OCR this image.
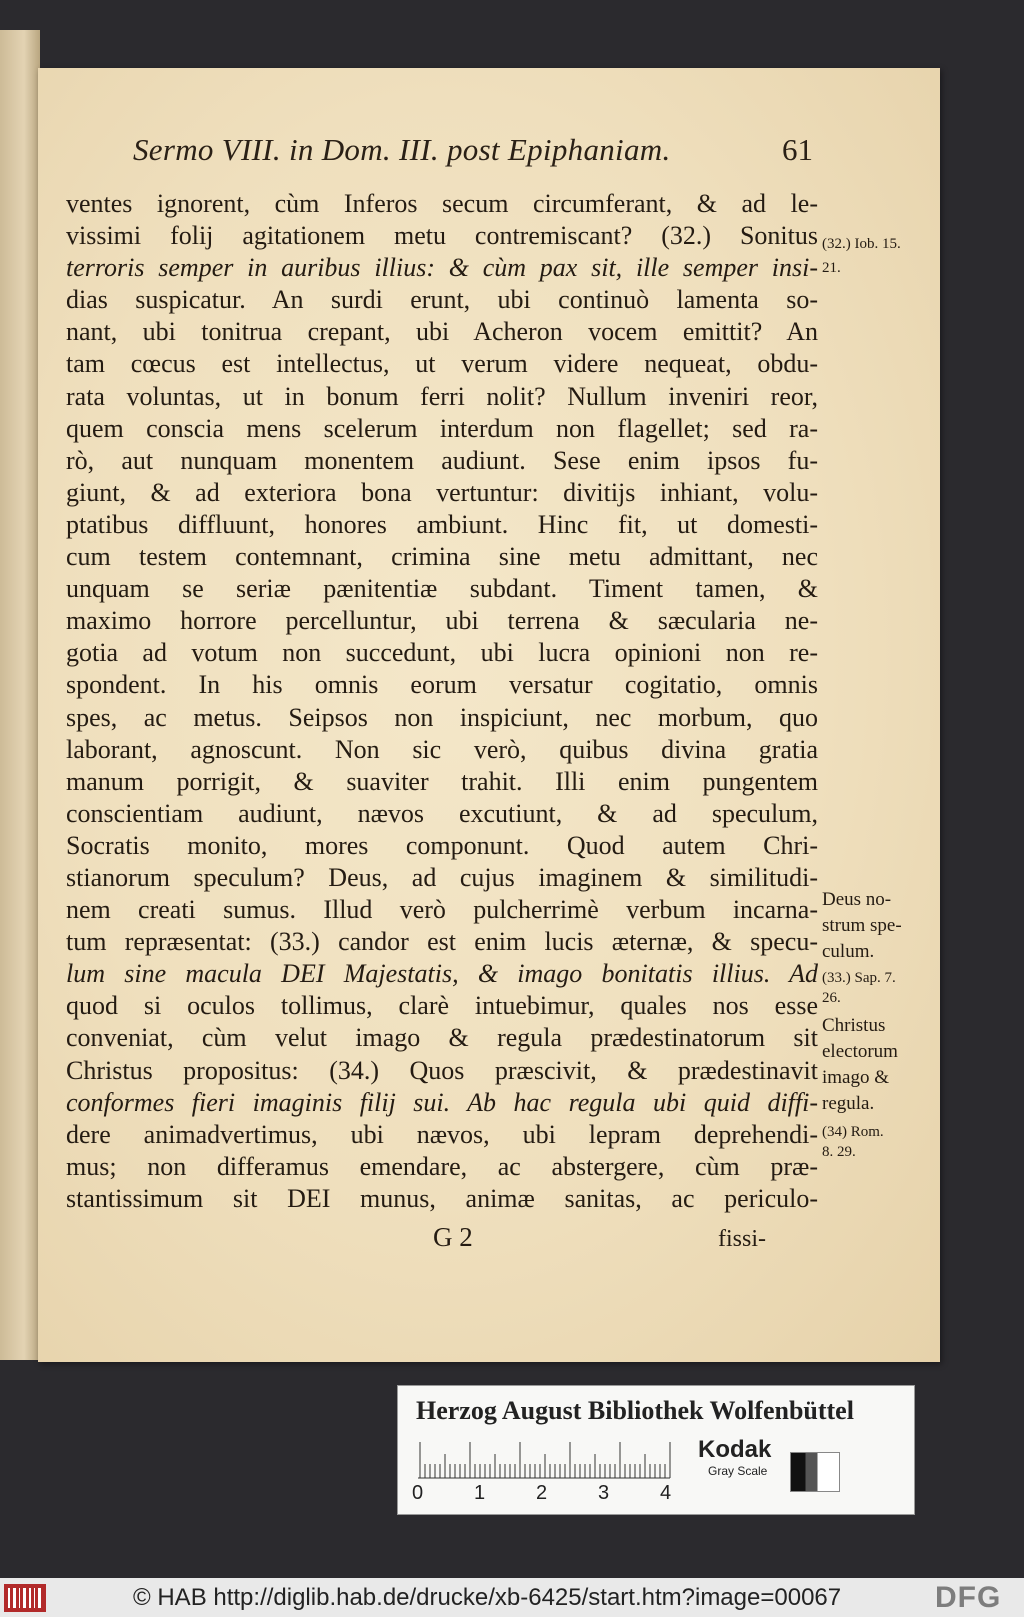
Sermo VIII. in Dom. III. post Epiphaniam.	61
ventes ignorent, cùm Inferos secum circumferant, & ad le-
vissimi folij agitationem metu contremiscant? (32.) Sonitus
terroris semper in auribus illius: & cùm pax sit, ille semper insi-
dias suspicatur. An surdi erunt, ubi continuò lamenta so-
nant, ubi tonitrua crepant, ubi Acheron vocem emittit? An
tam cœcus est intellectus, ut verum videre nequeat, obdu-
rata voluntas, ut in bonum ferri nolit? Nullum inveniri reor,
quem conscia mens scelerum interdum non flagellet; sed ra-
rò, aut nunquam monentem audiunt. Sese enim ipsos fu-
giunt, & ad exteriora bona vertuntur: divitijs inhiant, volu-
ptatibus diffluunt, honores ambiunt. Hinc fit, ut domesti-
cum testem contemnant, crimina sine metu admittant, nec
unquam se seriæ pænitentiæ subdant. Timent tamen, &
maximo horrore percelluntur, ubi terrena & sæcularia ne-
gotia ad votum non succedunt, ubi lucra opinioni non re-
spondent. In his omnis eorum versatur cogitatio, omnis
spes, ac metus. Seipsos non inspiciunt, nec morbum, quo
laborant, agnoscunt. Non sic verò, quibus divina gratia
manum porrigit, & suaviter trahit. Illi enim pungentem
conscientiam audiunt, nævos excutiunt, & ad speculum,
Socratis monito, mores componunt. Quod autem Chri-
stianorum speculum? Deus, ad cujus imaginem & similitudi-
nem creati sumus. Illud verò pulcherrimè verbum incarna-
tum repræsentat: (33.) candor est enim lucis æternæ, & specu-
lum sine macula DEI Majestatis, & imago bonitatis illius. Ad
quod si oculos tollimus, clarè intuebimur, quales nos esse
conveniat, cùm velut imago & regula prædestinatorum sit
Christus propositus: (34.) Quos præscivit, & prædestinavit
conformes fieri imaginis filij sui. Ab hac regula ubi quid diffi-
dere animadvertimus, ubi nævos, ubi lepram deprehendi-
mus; non differamus emendare, ac abstergere, cùm præ-
stantissimum sit DEI munus, animæ sanitas, ac periculo-
(32.) Iob. 15.
21.
Deus no-
strum spe-
culum.
(33.) Sap. 7.
26.
Christus
electorum
imago &
regula.
(34) Rom.
8. 29.
G 2	fissi-
Herzog August Bibliothek Wolfenbüttel
0	1	2	3	4
Kodak
Gray Scale
© HAB http://diglib.hab.de/drucke/xb-6425/start.htm?image=00067	DFG
